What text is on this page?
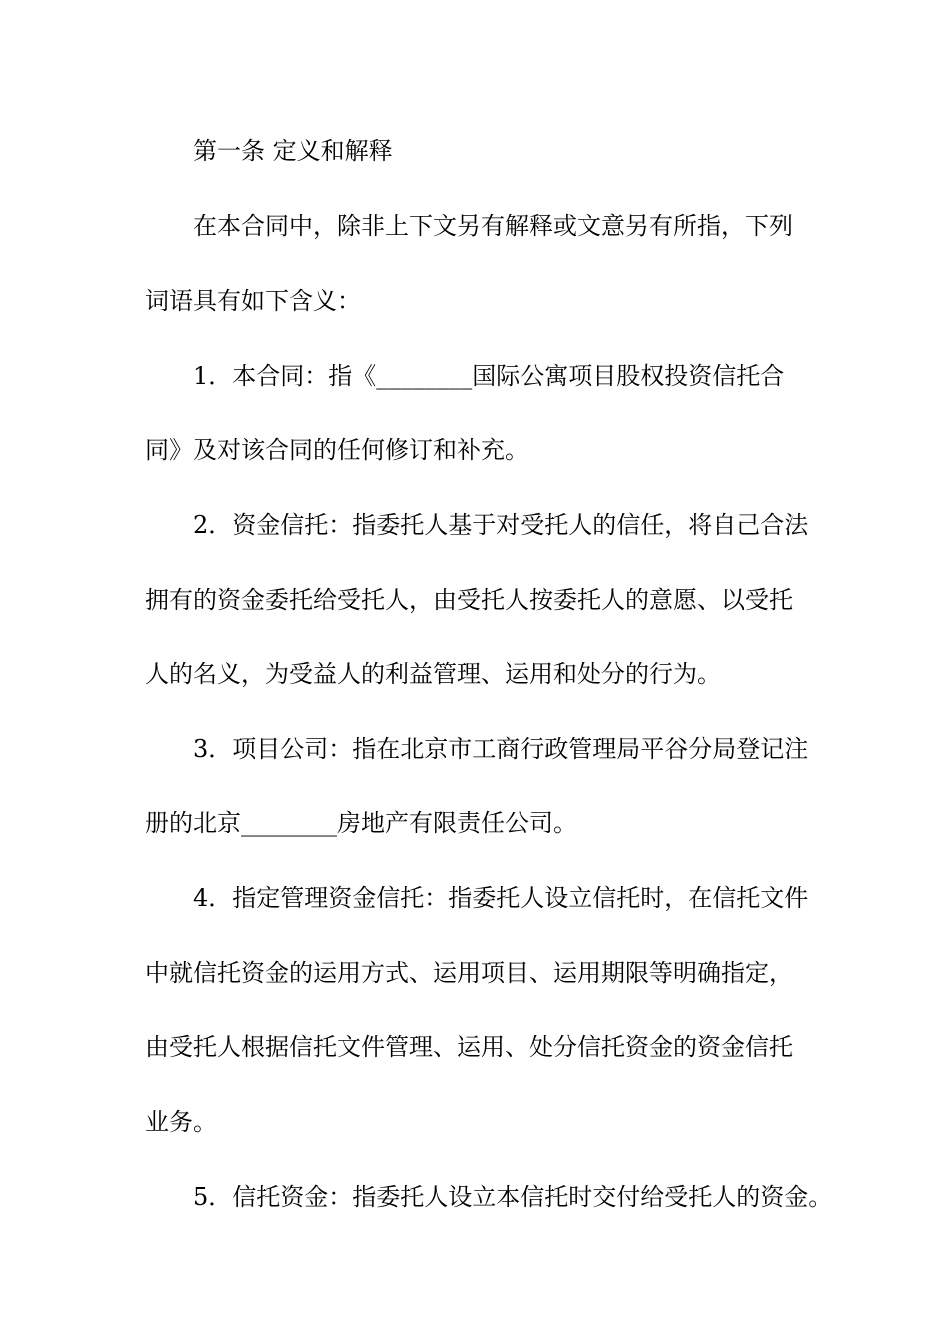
第一条 定义和解释
在本合同中，除非上下文另有解释或文意另有所指，下列
词语具有如下含义：
1．本合同：指《________国际公寓项目股权投资信托合
同》及对该合同的任何修订和补充。
2．资金信托：指委托人基于对受托人的信任，将自己合法
拥有的资金委托给受托人，由受托人按委托人的意愿、以受托
人的名义，为受益人的利益管理、运用和处分的行为。
3．项目公司：指在北京市工商行政管理局平谷分局登记注
册的北京________房地产有限责任公司。
4．指定管理资金信托：指委托人设立信托时，在信托文件
中就信托资金的运用方式、运用项目、运用期限等明确指定，
由受托人根据信托文件管理、运用、处分信托资金的资金信托
业务。
5．信托资金：指委托人设立本信托时交付给受托人的资金。
